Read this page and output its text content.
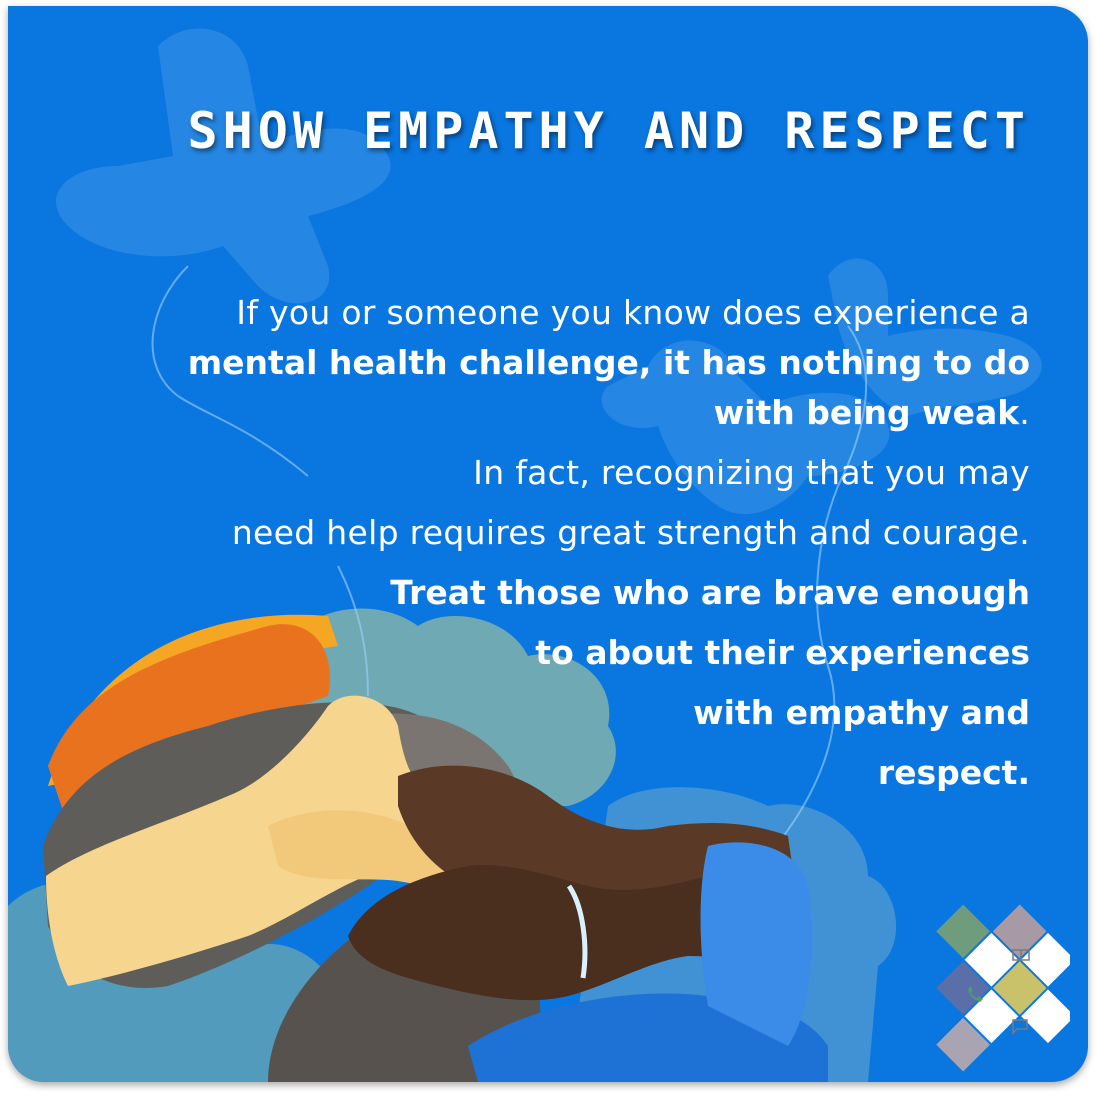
SHOW EMPATHY AND RESPECT
If you or someone you know does experience a
mental health challenge, it has nothing to do
with being weak.
In fact, recognizing that you may
need help requires great strength and courage.
Treat those who are brave enough
to about their experiences
with empathy and
respect.
